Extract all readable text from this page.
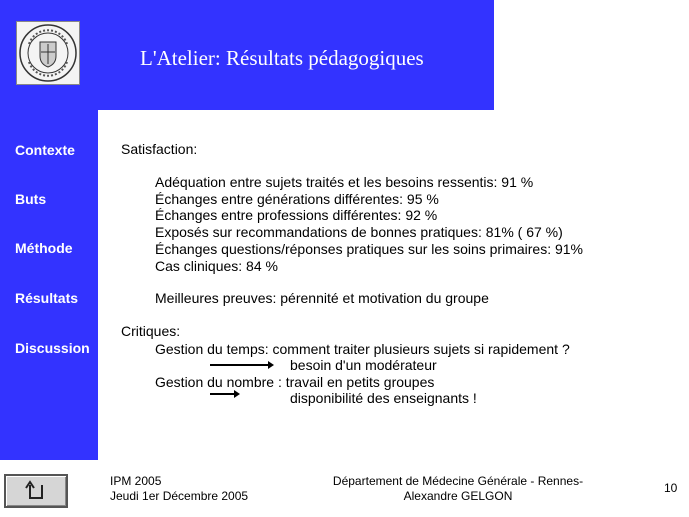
L'Atelier: Résultats pédagogiques
Contexte
Buts
Méthode
Résultats
Discussion
Satisfaction:
Adéquation entre sujets traités et les besoins ressentis: 91 %
Échanges entre générations différentes: 95 %
Échanges entre professions différentes: 92 %
Exposés sur recommandations de bonnes pratiques: 81% ( 67 %)
Échanges questions/réponses pratiques sur les soins primaires: 91%
Cas cliniques: 84 %
Meilleures preuves: pérennité et motivation du groupe
Critiques:
Gestion du temps: comment traiter plusieurs sujets si rapidement ?
besoin d'un modérateur
Gestion du nombre : travail en petits groupes
disponibilité des enseignants !
IPM 2005
Jeudi 1er Décembre 2005
Département de Médecine Générale - Rennes-
Alexandre GELGON
10
